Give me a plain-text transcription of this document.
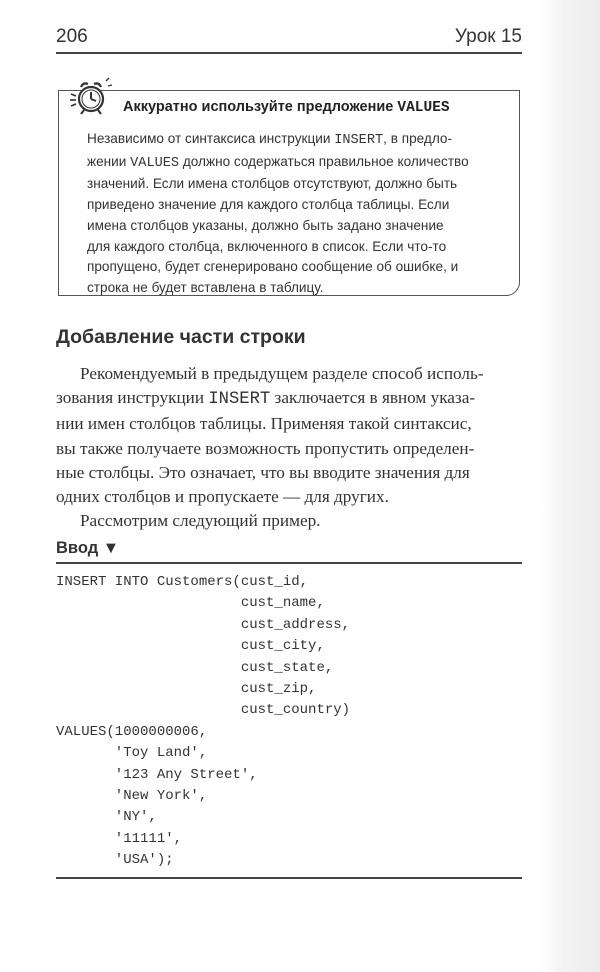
206	Урок 15
Аккуратно используйте предложение VALUES
Независимо от синтаксиса инструкции INSERT, в предло-
жении VALUES должно содержаться правильное количество
значений. Если имена столбцов отсутствуют, должно быть
приведено значение для каждого столбца таблицы. Если
имена столбцов указаны, должно быть задано значение
для каждого столбца, включенного в список. Если что-то
пропущено, будет сгенерировано сообщение об ошибке, и
строка не будет вставлена в таблицу.
Добавление части строки
Рекомендуемый в предыдущем разделе способ исполь-
зования инструкции INSERT заключается в явном указа-
нии имен столбцов таблицы. Применяя такой синтаксис,
вы также получаете возможность пропустить определен-
ные столбцы. Это означает, что вы вводите значения для
одних столбцов и пропускаете — для других.
Рассмотрим следующий пример.
Ввод ▼
INSERT INTO Customers(cust_id,
cust_name,
cust_address,
cust_city,
cust_state,
cust_zip,
cust_country)
VALUES(1000000006,
'Toy Land',
'123 Any Street',
'New York',
'NY',
'11111',
'USA');
